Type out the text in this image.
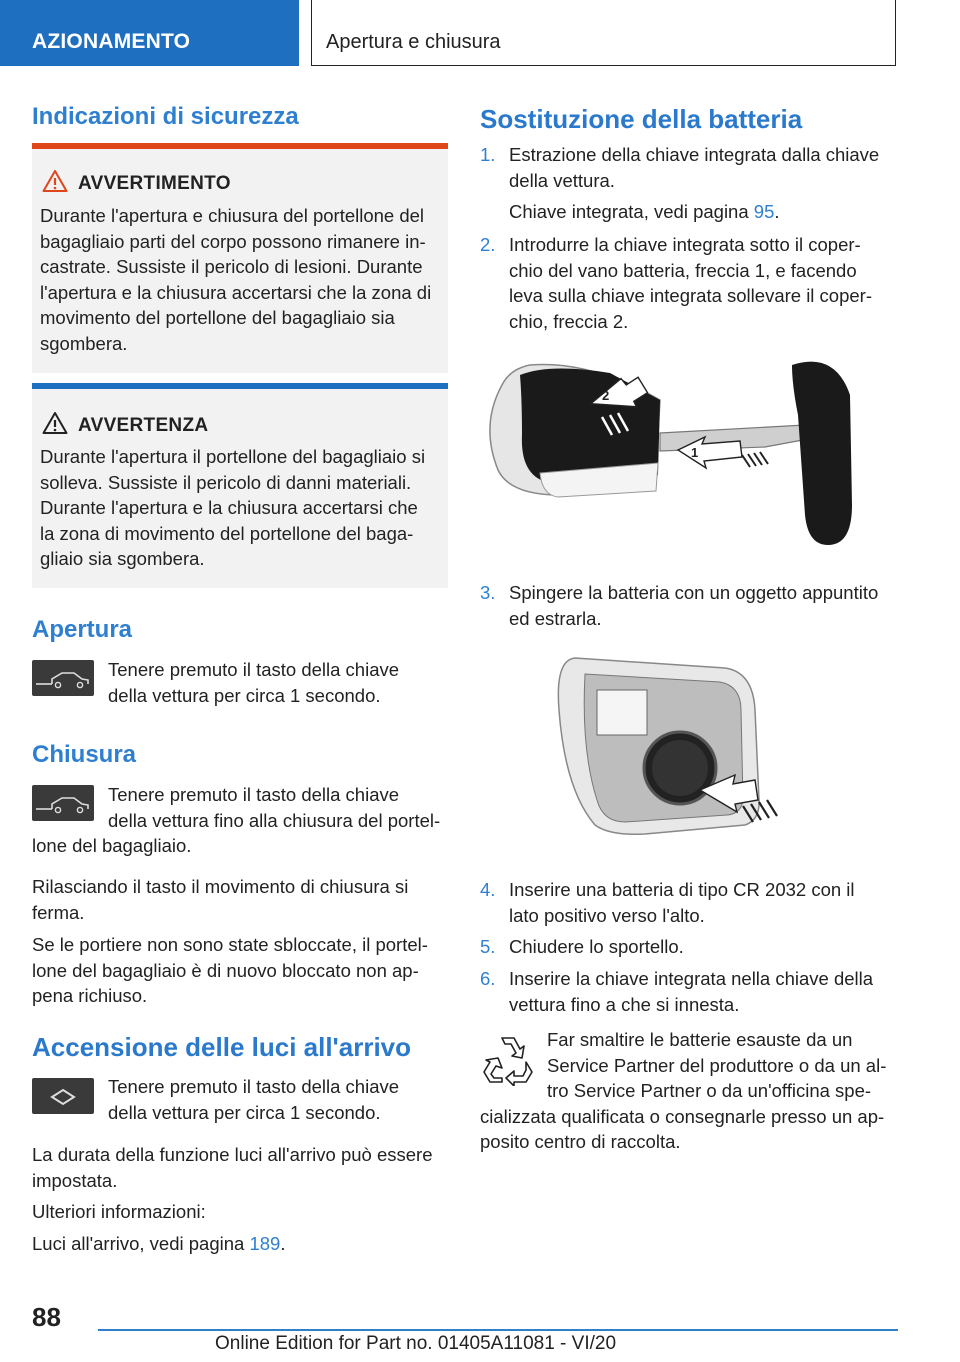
AZIONAMENTO	Apertura e chiusura
Indicazioni di sicurezza
AVVERTIMENTO
Durante l'apertura e chiusura del portellone del
bagagliaio parti del corpo possono rimanere in-
castrate. Sussiste il pericolo di lesioni. Durante
l'apertura e la chiusura accertarsi che la zona di
movimento del portellone del bagagliaio sia
sgombera.
AVVERTENZA
Durante l'apertura il portellone del bagagliaio si
solleva. Sussiste il pericolo di danni materiali.
Durante l'apertura e la chiusura accertarsi che
la zona di movimento del portellone del baga-
gliaio sia sgombera.
Apertura
Tenere premuto il tasto della chiave
della vettura per circa 1 secondo.
Chiusura
Tenere premuto il tasto della chiave
della vettura fino alla chiusura del portel-
lone del bagagliaio.
Rilasciando il tasto il movimento di chiusura si
ferma.
Se le portiere non sono state sbloccate, il portel-
lone del bagagliaio è di nuovo bloccato non ap-
pena richiuso.
Accensione delle luci all'arrivo
Tenere premuto il tasto della chiave
della vettura per circa 1 secondo.
La durata della funzione luci all'arrivo può essere
impostata.
Ulteriori informazioni:
Luci all'arrivo, vedi pagina 189.
Sostituzione della batteria
1. Estrazione della chiave integrata dalla chiave
della vettura.
Chiave integrata, vedi pagina 95.
2. Introdurre la chiave integrata sotto il coper-
chio del vano batteria, freccia 1, e facendo
leva sulla chiave integrata sollevare il coper-
chio, freccia 2.
1
2
3. Spingere la batteria con un oggetto appuntito
ed estrarla.
4. Inserire una batteria di tipo CR 2032 con il
lato positivo verso l'alto.
5. Chiudere lo sportello.
6. Inserire la chiave integrata nella chiave della
vettura fino a che si innesta.
Far smaltire le batterie esauste da un
Service Partner del produttore o da un al-
tro Service Partner o da un'officina spe-
cializzata qualificata o consegnarle presso un ap-
posito centro di raccolta.
88
Online Edition for Part no. 01405A11081 - VI/20
